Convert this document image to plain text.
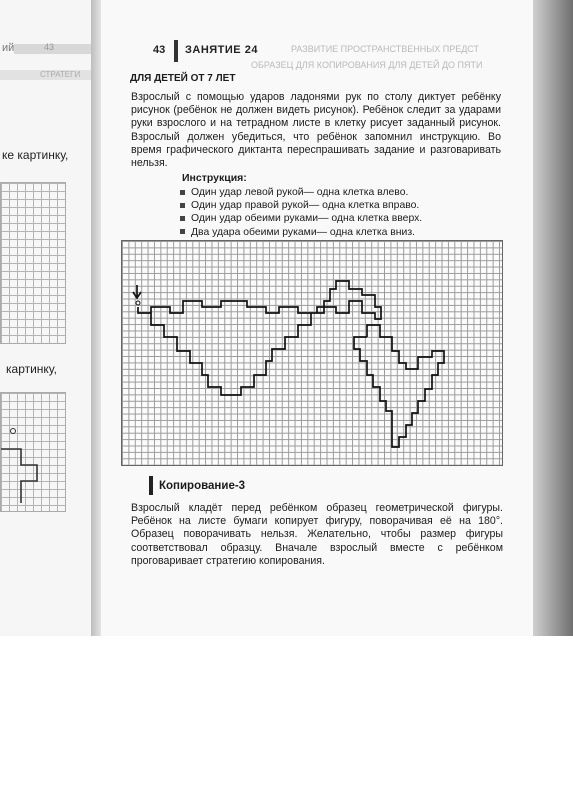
ий	43
СТРАТЕГИ
ке картинку,
картинку,
43 ЗАНЯТИЕ 24	РАЗВИТИЕ ПРОСТРАНСТВЕННЫХ ПРЕДСТ
ОБРАЗЕЦ ДЛЯ КОПИРОВАНИЯ ДЛЯ ДЕТЕЙ ДО ПЯТИ
ДЛЯ ДЕТЕЙ ОТ 7 ЛЕТ
Взрослый с помощью ударов ладонями рук по столу диктует ребёнку рисунок (ребёнок не должен видеть рисунок). Ребёнок следит за ударами руки взрослого и на тетрадном листе в клетку рисует заданный рисунок. Взрослый должен убедиться, что ребёнок запомнил инструкцию. Во время графического диктанта переспрашивать задание и разговаривать нельзя.
Инструкция:
Один удар левой рукой— одна клетка влево.
Один удар правой рукой— одна клетка вправо.
Один удар обеими руками— одна клетка вверх.
Два удара обеими руками— одна клетка вниз.
Копирование-3
Взрослый кладёт перед ребёнком образец геометрической фигуры. Ребёнок на листе бумаги копирует фигуру, поворачивая её на 180°. Образец поворачивать нельзя. Желательно, чтобы размер фигуры соответствовал образцу. Вначале взрослый вместе с ребёнком проговаривает стратегию копирования.
